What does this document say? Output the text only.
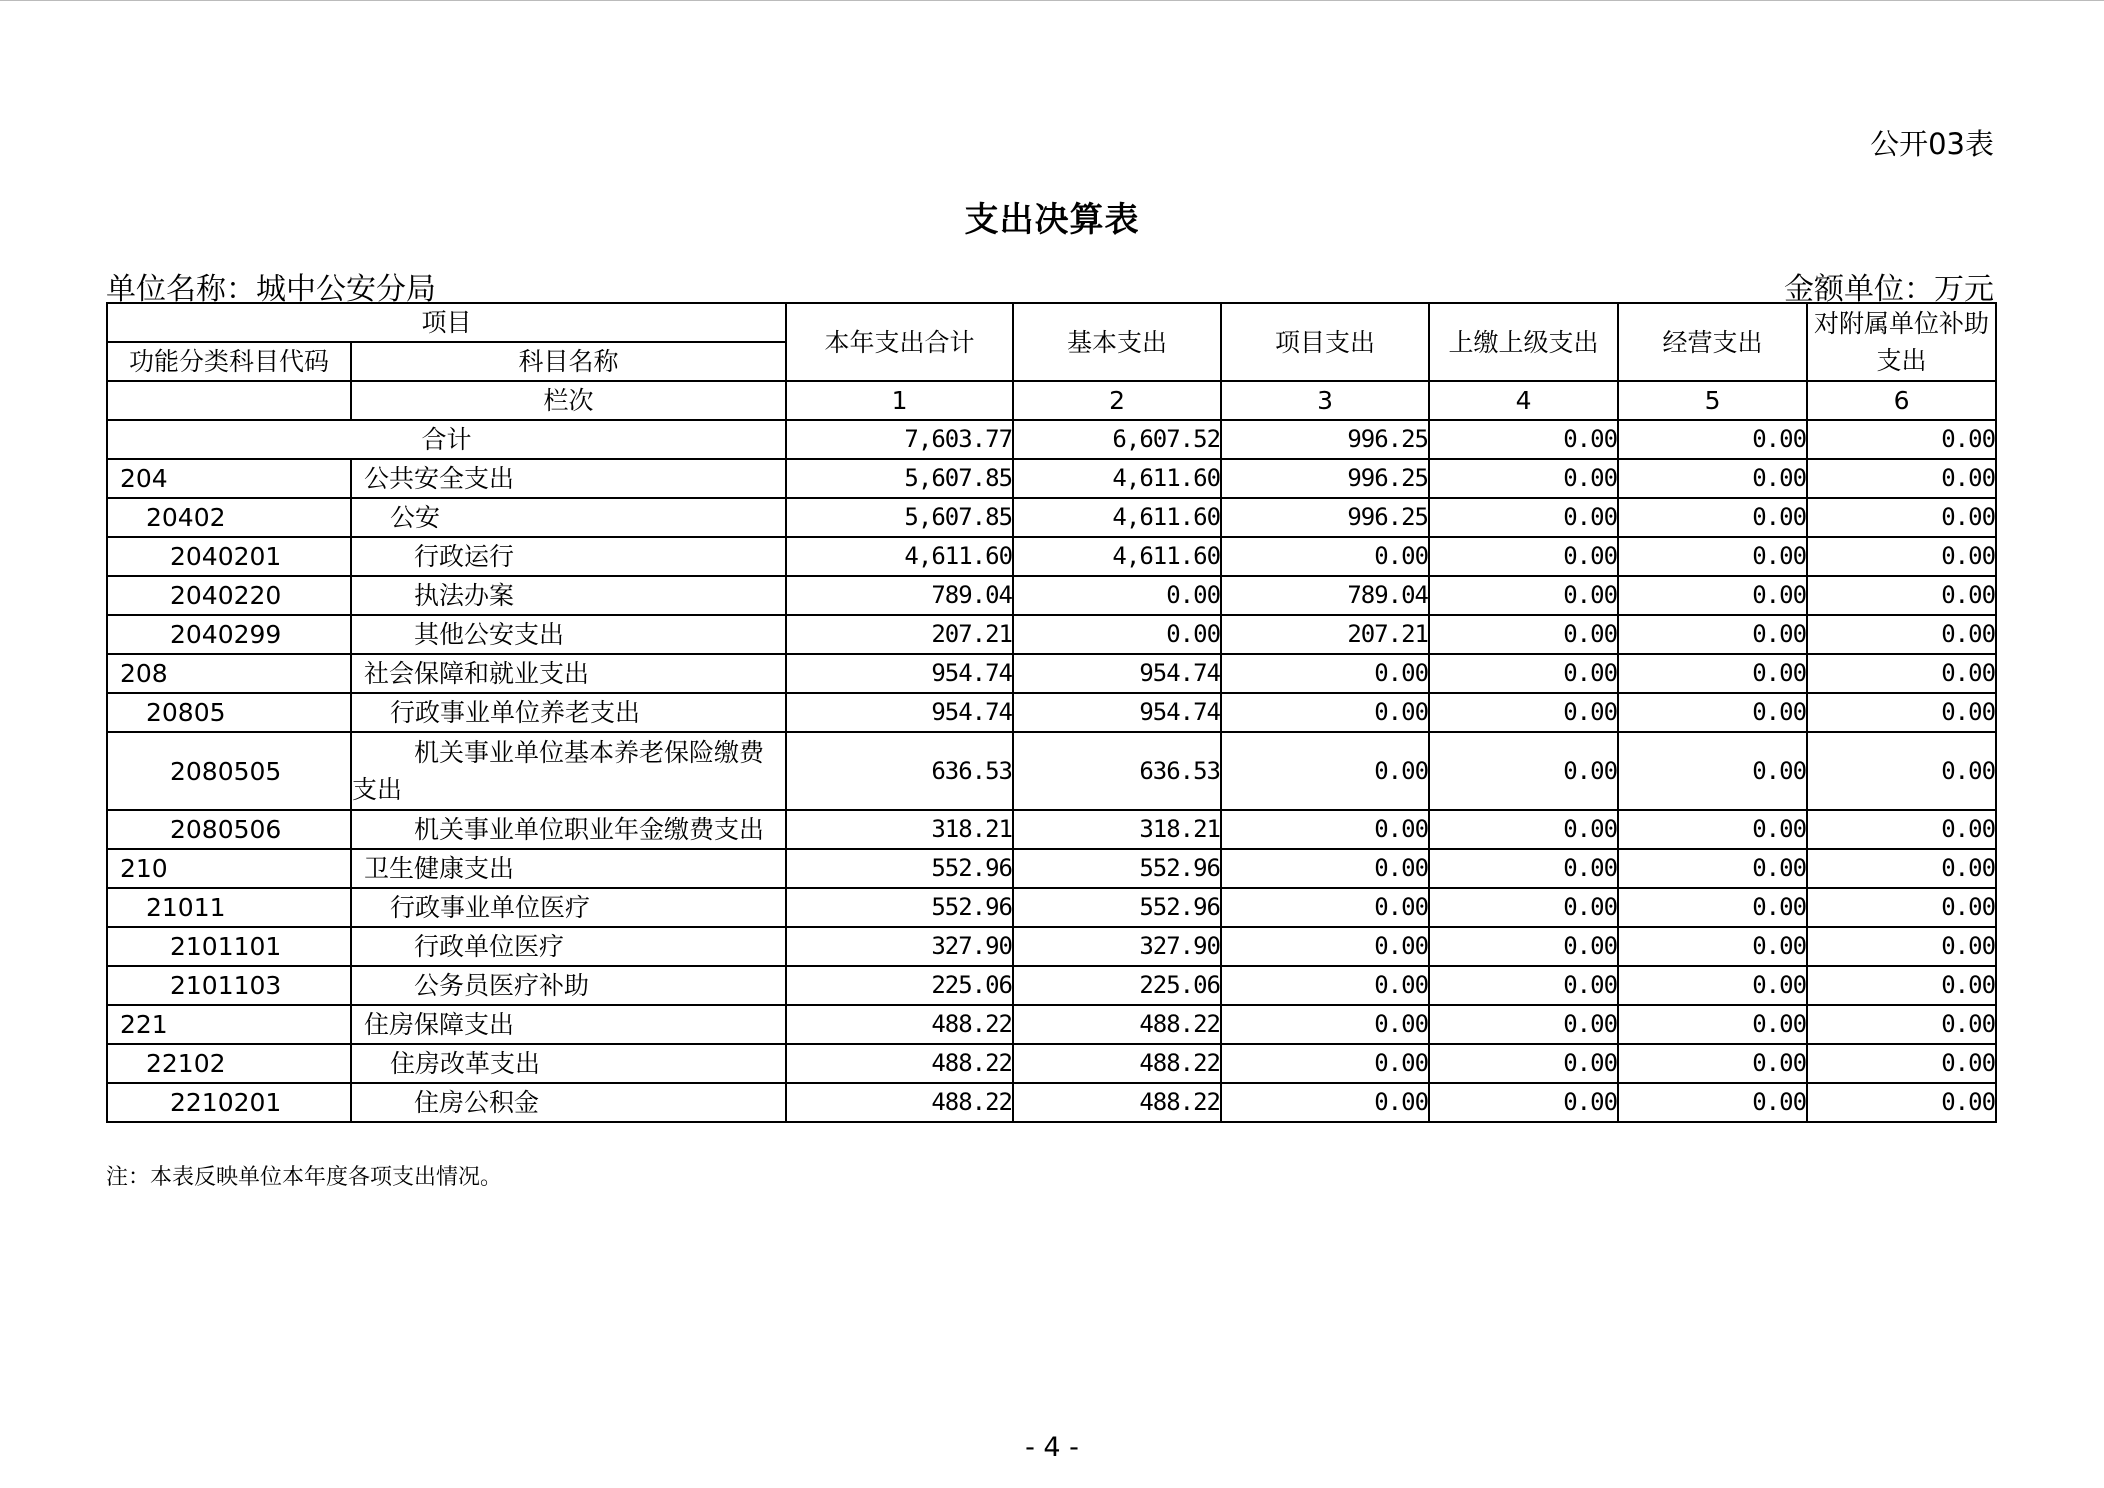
公开03表
支出决算表
单位名称：城中公安分局	金额单位：万元
项目		本年支出合计	基本支出	项目支出	上缴上级支出	经营支出	对附属单位补助支出
功能分类科目代码	科目名称						
	栏次	1	2	3	4	5	6
合计		7,603.77	6,607.52	996.25	0.00	0.00	0.00
204	公共安全支出	5,607.85	4,611.60	996.25	0.00	0.00	0.00
20402	公安	5,607.85	4,611.60	996.25	0.00	0.00	0.00
2040201	行政运行	4,611.60	4,611.60	0.00	0.00	0.00	0.00
2040220	执法办案	789.04	0.00	789.04	0.00	0.00	0.00
2040299	其他公安支出	207.21	0.00	207.21	0.00	0.00	0.00
208	社会保障和就业支出	954.74	954.74	0.00	0.00	0.00	0.00
20805	行政事业单位养老支出	954.74	954.74	0.00	0.00	0.00	0.00
2080505	机关事业单位基本养老保险缴费支出	636.53	636.53	0.00	0.00	0.00	0.00
2080506	机关事业单位职业年金缴费支出	318.21	318.21	0.00	0.00	0.00	0.00
210	卫生健康支出	552.96	552.96	0.00	0.00	0.00	0.00
21011	行政事业单位医疗	552.96	552.96	0.00	0.00	0.00	0.00
2101101	行政单位医疗	327.90	327.90	0.00	0.00	0.00	0.00
2101103	公务员医疗补助	225.06	225.06	0.00	0.00	0.00	0.00
221	住房保障支出	488.22	488.22	0.00	0.00	0.00	0.00
22102	住房改革支出	488.22	488.22	0.00	0.00	0.00	0.00
2210201	住房公积金	488.22	488.22	0.00	0.00	0.00	0.00
注：本表反映单位本年度各项支出情况。
- 4 -
